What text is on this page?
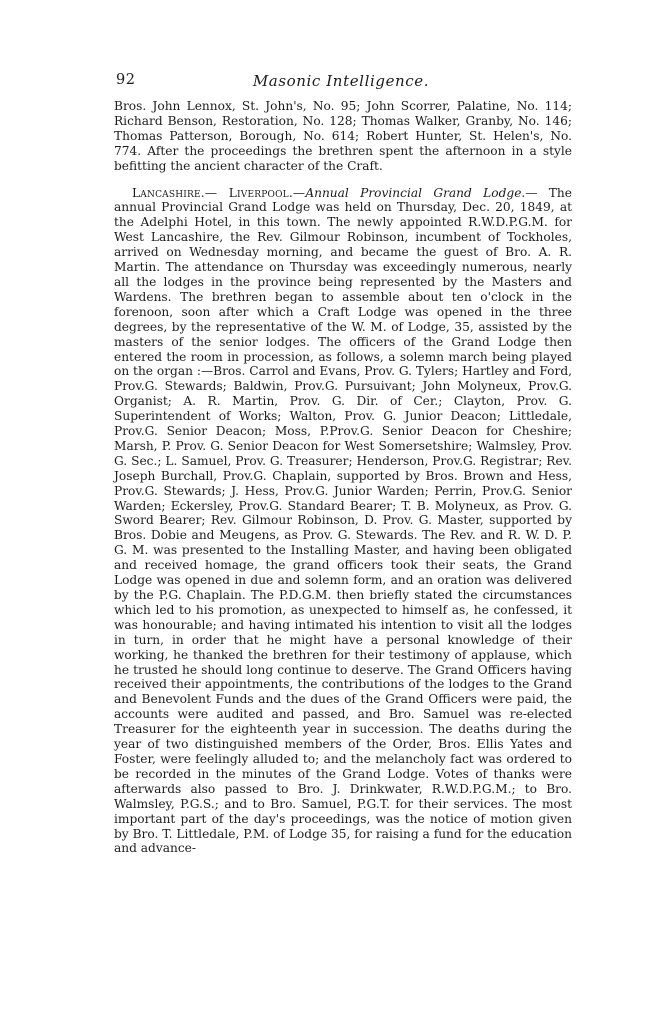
92	Masonic Intelligence.

Bros. John Lennox, St. John's, No. 95; John Scorrer, Palatine, No. 114; Richard Benson, Restoration, No. 128; Thomas Walker, Granby, No. 146; Thomas Patterson, Borough, No. 614; Robert Hunter, St. Helen's, No. 774. After the proceedings the brethren spent the afternoon in a style befitting the ancient character of the Craft.

Lancashire.— Liverpool.—Annual Provincial Grand Lodge.— The annual Provincial Grand Lodge was held on Thursday, Dec. 20, 1849, at the Adelphi Hotel, in this town. The newly appointed R.W.D.P.G.M. for West Lancashire, the Rev. Gilmour Robinson, incumbent of Tockholes, arrived on Wednesday morning, and became the guest of Bro. A. R. Martin. The attendance on Thursday was exceedingly numerous, nearly all the lodges in the province being represented by the Masters and Wardens. The brethren began to assemble about ten o'clock in the forenoon, soon after which a Craft Lodge was opened in the three degrees, by the representative of the W. M. of Lodge, 35, assisted by the masters of the senior lodges. The officers of the Grand Lodge then entered the room in procession, as follows, a solemn march being played on the organ :—Bros. Carrol and Evans, Prov. G. Tylers; Hartley and Ford, Prov.G. Stewards; Baldwin, Prov.G. Pursuivant; John Molyneux, Prov.G. Organist; A. R. Martin, Prov. G. Dir. of Cer.; Clayton, Prov. G. Superintendent of Works; Walton, Prov. G. Junior Deacon; Littledale, Prov.G. Senior Deacon; Moss, P.Prov.G. Senior Deacon for Cheshire; Marsh, P. Prov. G. Senior Deacon for West Somersetshire; Walmsley, Prov. G. Sec.; L. Samuel, Prov. G. Treasurer; Henderson, Prov.G. Registrar; Rev. Joseph Burchall, Prov.G. Chaplain, supported by Bros. Brown and Hess, Prov.G. Stewards; J. Hess, Prov.G. Junior Warden; Perrin, Prov.G. Senior Warden; Eckersley, Prov.G. Standard Bearer; T. B. Molyneux, as Prov. G. Sword Bearer; Rev. Gilmour Robinson, D. Prov. G. Master, supported by Bros. Dobie and Meugens, as Prov. G. Stewards. The Rev. and R. W. D. P. G. M. was presented to the Installing Master, and having been obligated and received homage, the grand officers took their seats, the Grand Lodge was opened in due and solemn form, and an oration was delivered by the P.G. Chaplain. The P.D.G.M. then briefly stated the circumstances which led to his promotion, as unexpected to himself as, he confessed, it was honourable; and having intimated his intention to visit all the lodges in turn, in order that he might have a personal knowledge of their working, he thanked the brethren for their testimony of applause, which he trusted he should long continue to deserve. The Grand Officers having received their appointments, the contributions of the lodges to the Grand and Benevolent Funds and the dues of the Grand Officers were paid, the accounts were audited and passed, and Bro. Samuel was re-elected Treasurer for the eighteenth year in succession. The deaths during the year of two distinguished members of the Order, Bros. Ellis Yates and Foster, were feelingly alluded to; and the melancholy fact was ordered to be recorded in the minutes of the Grand Lodge. Votes of thanks were afterwards also passed to Bro. J. Drinkwater, R.W.D.P.G.M.; to Bro. Walmsley, P.G.S.; and to Bro. Samuel, P.G.T. for their services. The most important part of the day's proceedings, was the notice of motion given by Bro. T. Littledale, P.M. of Lodge 35, for raising a fund for the education and advance-
